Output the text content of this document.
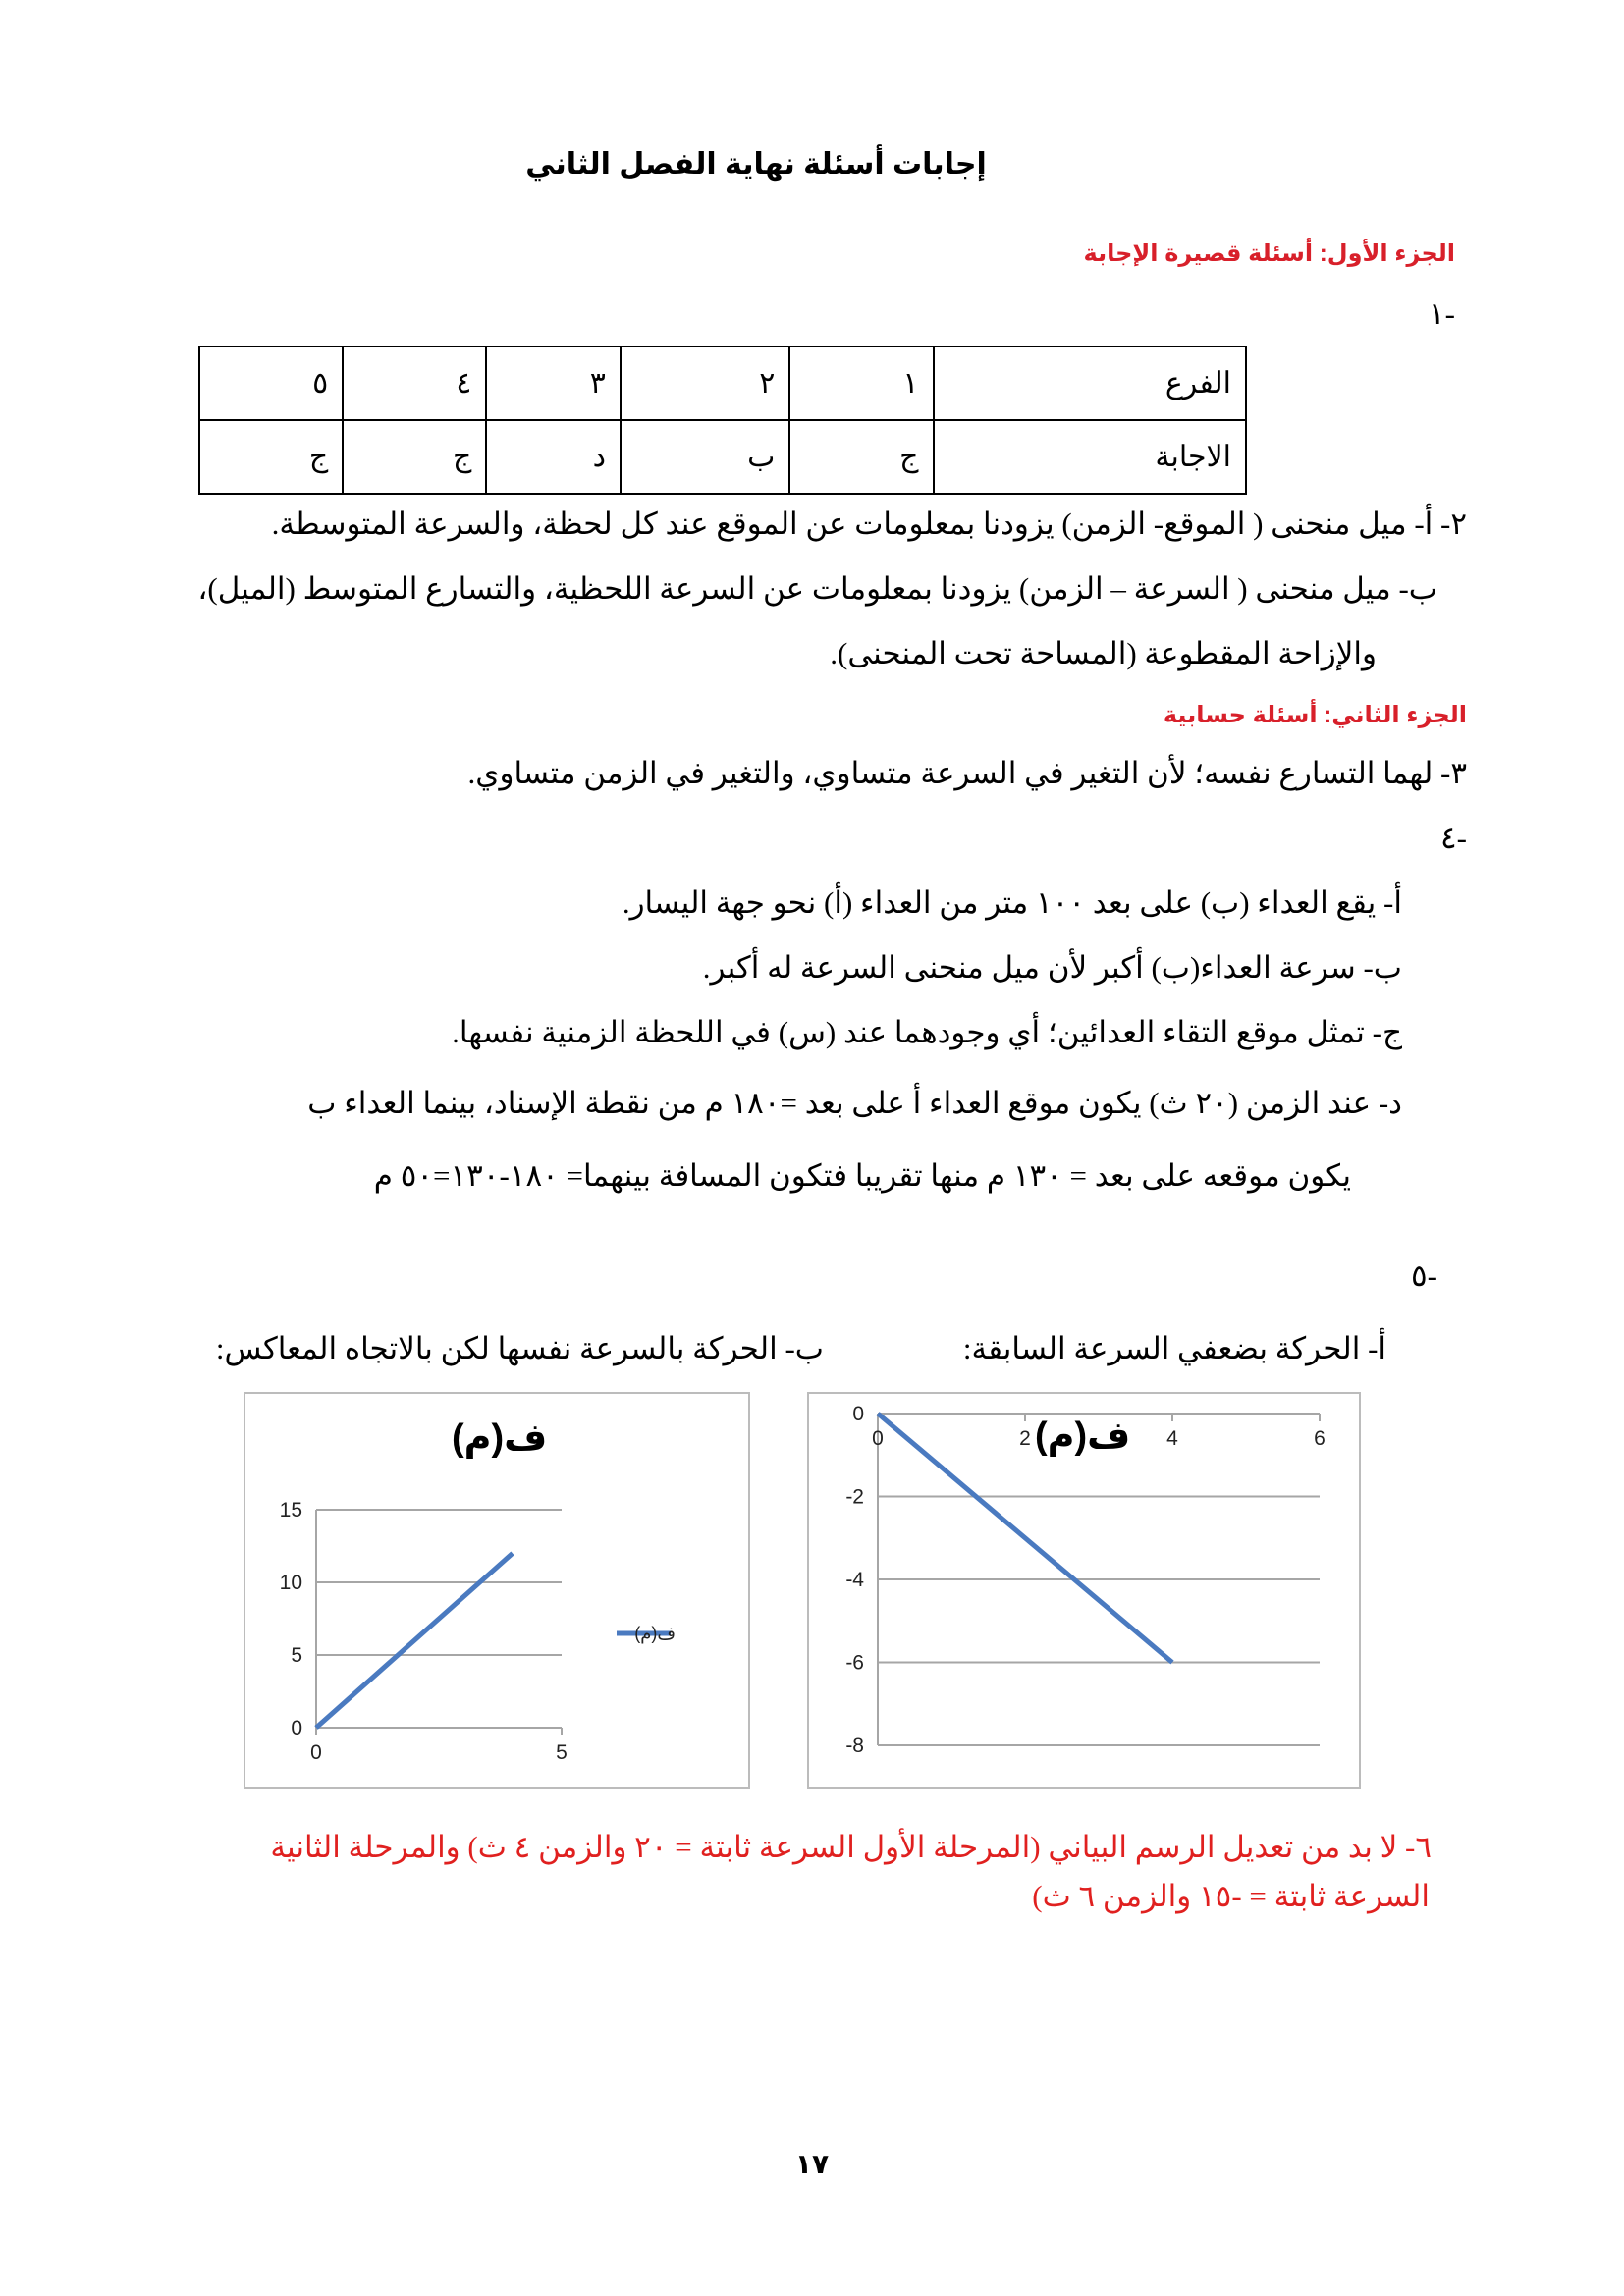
إجابات أسئلة نهاية الفصل الثاني
الجزء الأول: أسئلة قصيرة الإجابة
١-
الفرع	١	٢	٣	٤	٥
الاجابة	ج	ب	د	ج	ج
٢- أ- ميل منحنى ( الموقع- الزمن) يزودنا بمعلومات عن الموقع عند كل لحظة، والسرعة المتوسطة.
ب- ميل منحنى ( السرعة – الزمن) يزودنا بمعلومات عن السرعة اللحظية، والتسارع المتوسط (الميل)،
والإزاحة المقطوعة (المساحة تحت المنحنى).
الجزء الثاني: أسئلة حسابية
٣- لهما التسارع نفسه؛ لأن التغير في السرعة متساوي، والتغير في الزمن متساوي.
٤-
أ- يقع العداء (ب) على بعد ١٠٠ متر من العداء (أ) نحو جهة اليسار.
ب- سرعة العداء(ب) أكبر لأن ميل منحنى السرعة له أكبر.
ج- تمثل موقع التقاء العدائين؛ أي وجودهما عند (س) في اللحظة الزمنية نفسها.
د- عند الزمن (٢٠ ث) يكون موقع العداء أ على بعد =١٨٠ م من نقطة الإسناد، بينما العداء ب
يكون موقعه على بعد = ١٣٠ م منها تقريبا فتكون المسافة بينهما= ١٨٠-١٣٠=٥٠ م
٥-
أ- الحركة بضعفي السرعة السابقة:
ب- الحركة بالسرعة نفسها لكن بالاتجاه المعاكس:
0
-2
-4
-6
-8
0	2	4	6
ف(م)
0
5
10
15
0	5
ف(م)
ف(م)
٦- لا بد من تعديل الرسم البياني (المرحلة الأول السرعة ثابتة = ٢٠ والزمن ٤ ث) والمرحلة الثانية
السرعة ثابتة = -١٥ والزمن ٦ ث)
١٧
